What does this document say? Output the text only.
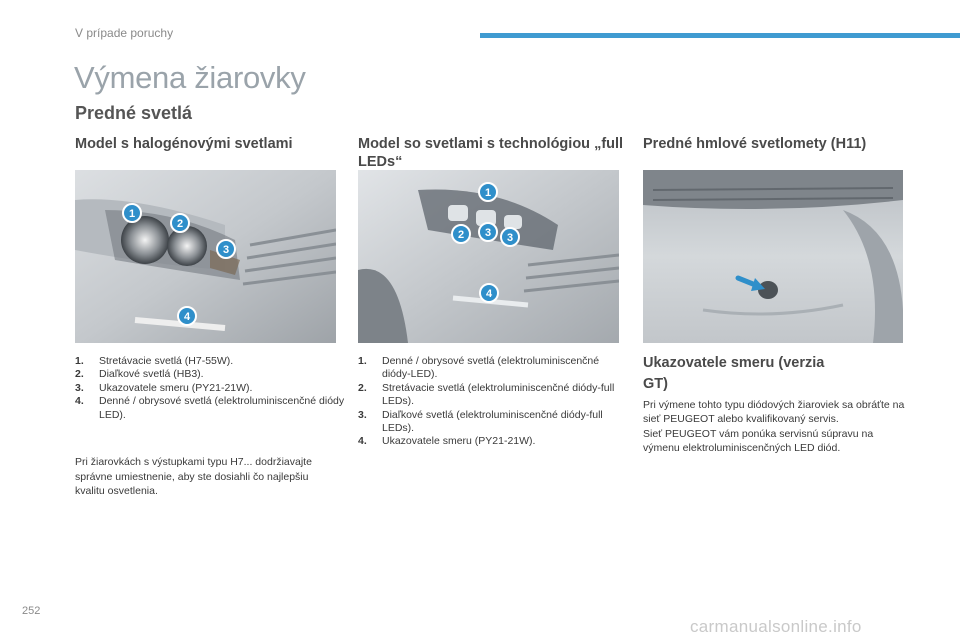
V prípade poruchy
Výmena žiarovky
Predné svetlá
Model s halogénovými svetlami	Model so svetlami s technológiou „full LEDs“
Predné hmlové svetlomety (H11)
1
2
3
4
1
2 3 3
4
1.	Stretávacie svetlá (H7-55W).
2.	Diaľkové svetlá (HB3).
3.	Ukazovatele smeru (PY21-21W).
4.	Denné / obrysové svetlá (elektroluminiscenčné diódy LED).
Pri žiarovkách s výstupkami typu H7... dodržiavajte správne umiestnenie, aby ste dosiahli čo najlepšiu kvalitu osvetlenia.
1.	Denné / obrysové svetlá (elektroluminiscenčné diódy-LED).
2.	Stretávacie svetlá (elektroluminiscenčné diódy-full LEDs).
3.	Diaľkové svetlá (elektroluminiscenčné diódy-full LEDs).
4.	Ukazovatele smeru (PY21-21W).
Ukazovatele smeru (verzia GT)

Pri výmene tohto typu diódových žiaroviek sa obráťte na sieť PEUGEOT alebo kvalifikovaný servis.

Sieť PEUGEOT vám ponúka servisnú súpravu na výmenu elektroluminiscenčných LED diód.

252
carmanualsonline.info
